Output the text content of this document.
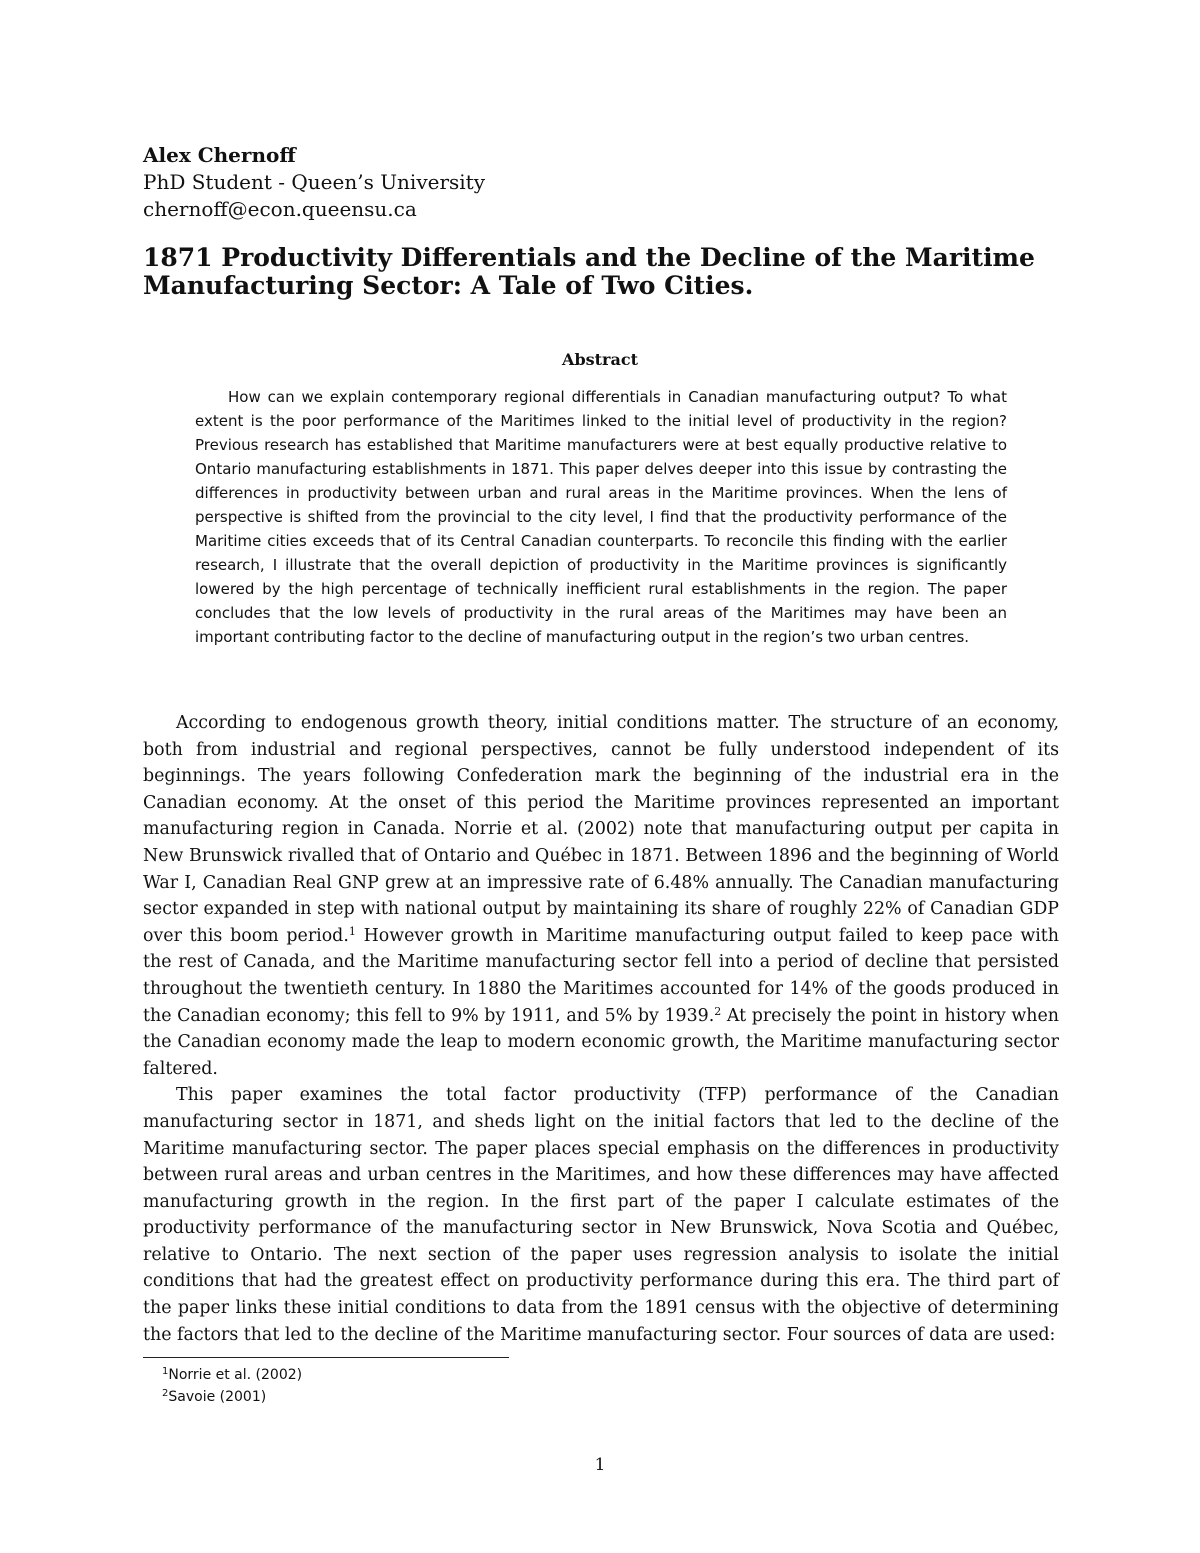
Alex Chernoff
PhD Student - Queen’s University
chernoff@econ.queensu.ca
1871 Productivity Differentials and the Decline of the Maritime Manufacturing Sector: A Tale of Two Cities.
Abstract

How can we explain contemporary regional differentials in Canadian manufacturing output? To what extent is the poor performance of the Maritimes linked to the initial level of productivity in the region? Previous research has established that Maritime manufacturers were at best equally productive relative to Ontario manufacturing establishments in 1871. This paper delves deeper into this issue by contrasting the differences in productivity between urban and rural areas in the Maritime provinces. When the lens of perspective is shifted from the provincial to the city level, I find that the productivity performance of the Maritime cities exceeds that of its Central Canadian counterparts. To reconcile this finding with the earlier research, I illustrate that the overall depiction of productivity in the Maritime provinces is significantly lowered by the high percentage of technically inefficient rural establishments in the region. The paper concludes that the low levels of productivity in the rural areas of the Maritimes may have been an important contributing factor to the decline of manufacturing output in the region’s two urban centres.

According to endogenous growth theory, initial conditions matter. The structure of an economy, both from industrial and regional perspectives, cannot be fully understood independent of its beginnings. The years following Confederation mark the beginning of the industrial era in the Canadian economy. At the onset of this period the Maritime provinces represented an important manufacturing region in Canada. Norrie et al. (2002) note that manufacturing output per capita in New Brunswick rivalled that of Ontario and Québec in 1871. Between 1896 and the beginning of World War I, Canadian Real GNP grew at an impressive rate of 6.48% annually. The Canadian manufacturing sector expanded in step with national output by maintaining its share of roughly 22% of Canadian GDP over this boom period.$^1$ However growth in Maritime manufacturing output failed to keep pace with the rest of Canada, and the Maritime manufacturing sector fell into a period of decline that persisted throughout the twentieth century. In 1880 the Maritimes accounted for 14% of the goods produced in the Canadian economy; this fell to 9% by 1911, and 5% by 1939.$^2$ At precisely the point in history when the Canadian economy made the leap to modern economic growth, the Maritime manufacturing sector faltered.

This paper examines the total factor productivity (TFP) performance of the Canadian manufacturing sector in 1871, and sheds light on the initial factors that led to the decline of the Maritime manufacturing sector. The paper places special emphasis on the differences in productivity between rural areas and urban centres in the Maritimes, and how these differences may have affected manufacturing growth in the region. In the first part of the paper I calculate estimates of the productivity performance of the manufacturing sector in New Brunswick, Nova Scotia and Québec, relative to Ontario. The next section of the paper uses regression analysis to isolate the initial conditions that had the greatest effect on productivity performance during this era. The third part of the paper links these initial conditions to data from the 1891 census with the objective of determining the factors that led to the decline of the Maritime manufacturing sector. Four sources of data are used:

$^1$Norrie et al. (2002)
$^2$Savoie (2001)
1
